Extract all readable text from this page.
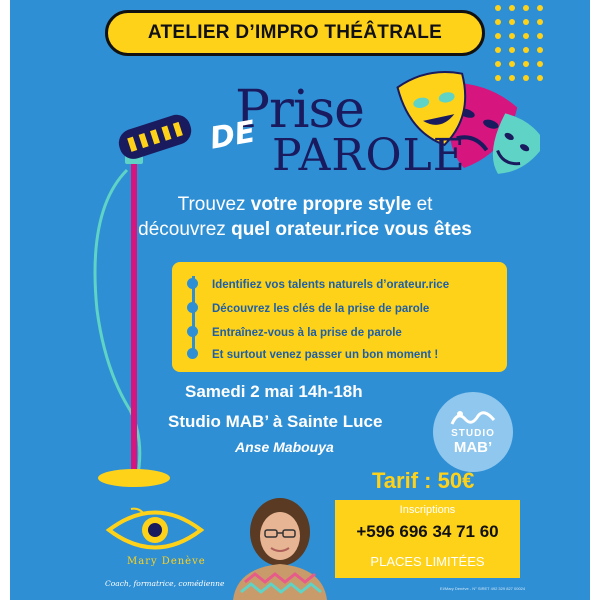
ATELIER D’IMPRO THÉÂTRALE
Prise
DE PAROLE
Trouvez votre propre style et
découvrez quel orateur.rice vous êtes
Identifiez vos talents naturels d’orateur.rice
Découvrez les clés de la prise de parole
Entraînez-vous à la prise de parole
Et surtout venez passer un bon moment !
Samedi 2 mai 14h-18h
Studio MAB’ à Sainte Luce
Anse Mabouya
STUDIO
MAB’
Tarif : 50€
Inscriptions
+596 696 34 71 60
PLACES LIMITÉES
Mary Denève
Coach, formatrice, comédienne
EI/Mary Denève - N° SIRET 492 329 827 00024
